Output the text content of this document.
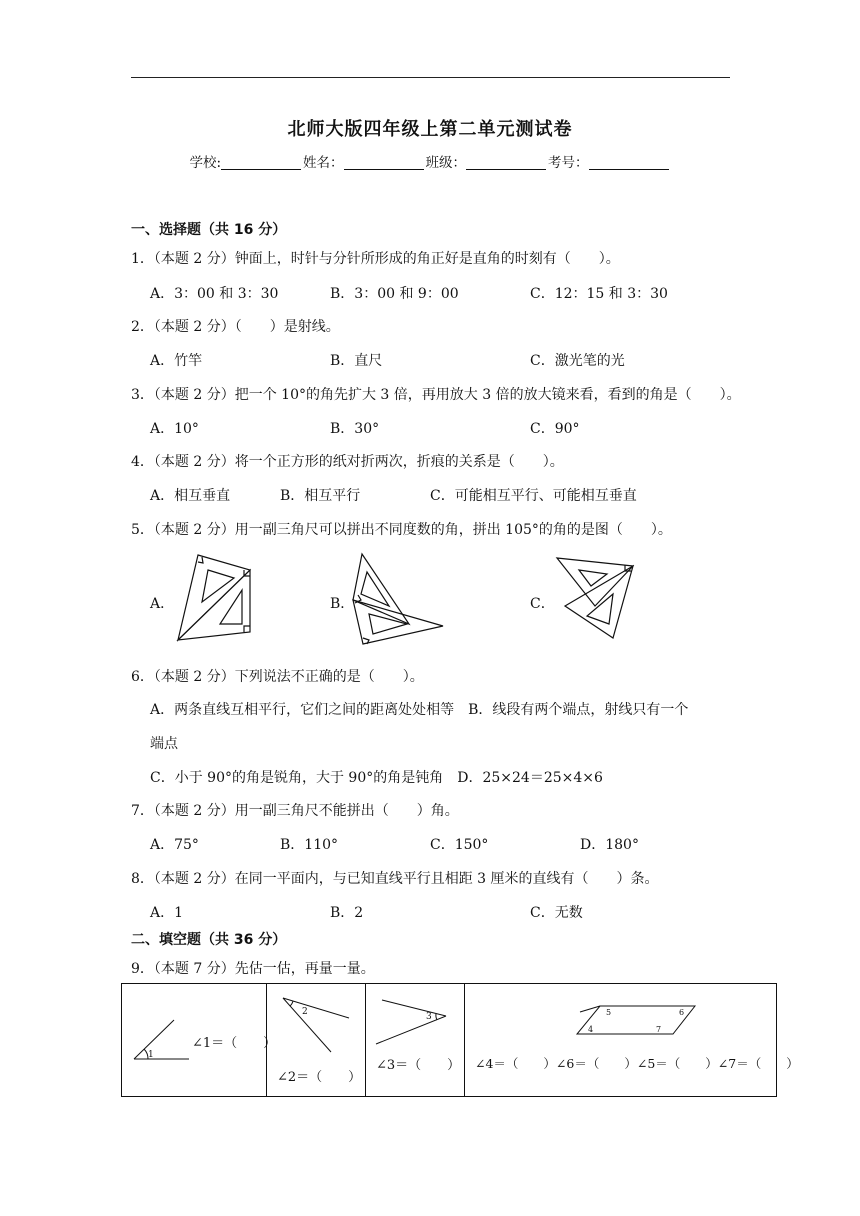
北师大版四年级上第二单元测试卷
学校:	姓名：	班级：	考号：
一、选择题（共 16 分）
1．（本题 2 分）钟面上，时针与分针所形成的角正好是直角的时刻有（　　）。
A．3：00 和 3：30	B．3：00 和 9：00	C．12：15 和 3：30
2．（本题 2 分）（　　）是射线。
A．竹竿	B．直尺	C．激光笔的光
3．（本题 2 分）把一个 10°的角先扩大 3 倍，再用放大 3 倍的放大镜来看，看到的角是（　　）。
A．10°	B．30°	C．90°
4．（本题 2 分）将一个正方形的纸对折两次，折痕的关系是（　　）。
A．相互垂直	B．相互平行	C．可能相互平行、可能相互垂直
5．（本题 2 分）用一副三角尺可以拼出不同度数的角，拼出 105°的角的是图（　　）。
A．	B．	C．
6．（本题 2 分）下列说法不正确的是（　　）。
A．两条直线互相平行，它们之间的距离处处相等　B．线段有两个端点，射线只有一个
端点
C．小于 90°的角是锐角，大于 90°的角是钝角　D．25×24＝25×4×6
7．（本题 2 分）用一副三角尺不能拼出（　　）角。
A．75°	B．110°	C．150°	D．180°
8．（本题 2 分）在同一平面内，与已知直线平行且相距 3 厘米的直线有（　　）条。
A．1	B．2	C．无数
二、填空题（共 36 分）
9．（本题 7 分）先估一估，再量一量。
1
∠1＝（　　）

2
∠2＝（　　）

3
∠3＝（　　）

5	6
4	7
∠4＝（　　）∠6＝（　　）∠5＝（　　）∠7＝（　　）
